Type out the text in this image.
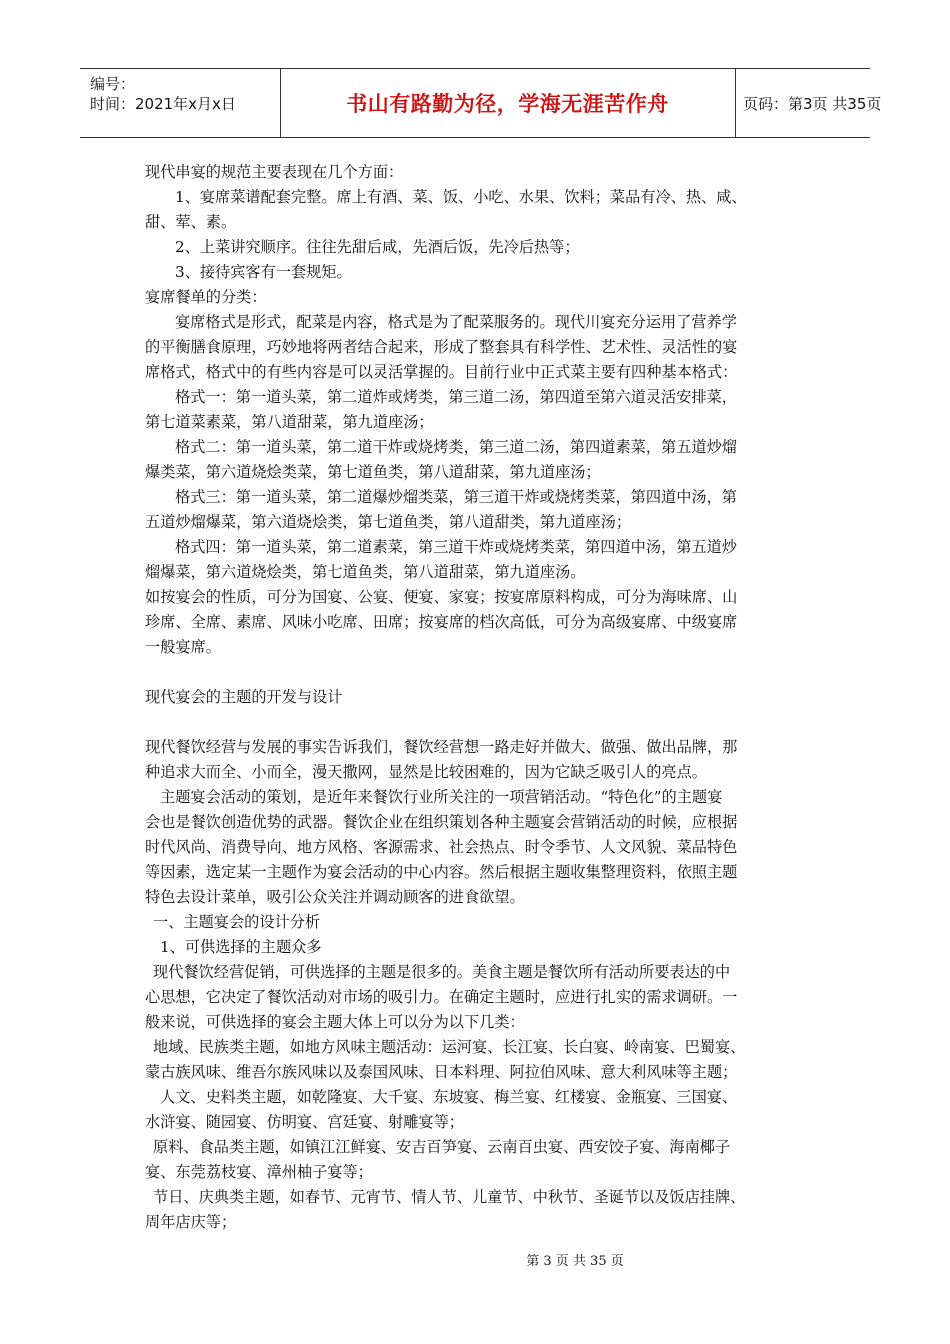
编号：
时间：2021年x月x日	书山有路勤为径，学海无涯苦作舟	页码：第3页 共35页
现代串宴的规范主要表现在几个方面：
1、宴席菜谱配套完整。席上有酒、菜、饭、小吃、水果、饮料；菜品有冷、热、咸、
甜、荤、素。
2、上菜讲究顺序。往往先甜后咸，先酒后饭，先冷后热等；
3、接待宾客有一套规矩。
宴席餐单的分类：
宴席格式是形式，配菜是内容，格式是为了配菜服务的。现代川宴充分运用了营养学
的平衡膳食原理，巧妙地将两者结合起来，形成了整套具有科学性、艺术性、灵活性的宴
席格式，格式中的有些内容是可以灵活掌握的。目前行业中正式菜主要有四种基本格式：
格式一：第一道头菜，第二道炸或烤类，第三道二汤，第四道至第六道灵活安排菜，
第七道菜素菜，第八道甜菜，第九道座汤；
格式二：第一道头菜，第二道干炸或烧烤类，第三道二汤，第四道素菜，第五道炒熘
爆类菜，第六道烧烩类菜，第七道鱼类，第八道甜菜，第九道座汤；
格式三：第一道头菜，第二道爆炒熘类菜，第三道干炸或烧烤类菜，第四道中汤，第
五道炒熘爆菜，第六道烧烩类，第七道鱼类，第八道甜类，第九道座汤；
格式四：第一道头菜，第二道素菜，第三道干炸或烧烤类菜，第四道中汤，第五道炒
熘爆菜，第六道烧烩类，第七道鱼类，第八道甜菜，第九道座汤。
如按宴会的性质，可分为国宴、公宴、便宴、家宴；按宴席原料构成，可分为海味席、山
珍席、全席、素席、风味小吃席、田席；按宴席的档次高低，可分为高级宴席、中级宴席
一般宴席。
现代宴会的主题的开发与设计
现代餐饮经营与发展的事实告诉我们，餐饮经营想一路走好并做大、做强、做出品牌，那
种追求大而全、小而全，漫天撒网，显然是比较困难的，因为它缺乏吸引人的亮点。
主题宴会活动的策划，是近年来餐饮行业所关注的一项营销活动。“特色化”的主题宴
会也是餐饮创造优势的武器。餐饮企业在组织策划各种主题宴会营销活动的时候，应根据
时代风尚、消费导向、地方风格、客源需求、社会热点、时令季节、人文风貌、菜品特色
等因素，选定某一主题作为宴会活动的中心内容。然后根据主题收集整理资料，依照主题
特色去设计菜单，吸引公众关注并调动顾客的进食欲望。
一、主题宴会的设计分析
1、可供选择的主题众多
现代餐饮经营促销，可供选择的主题是很多的。美食主题是餐饮所有活动所要表达的中
心思想，它决定了餐饮活动对市场的吸引力。在确定主题时，应进行扎实的需求调研。一
般来说，可供选择的宴会主题大体上可以分为以下几类：
地域、民族类主题，如地方风味主题活动：运河宴、长江宴、长白宴、岭南宴、巴蜀宴、
蒙古族风味、维吾尔族风味以及泰国风味、日本料理、阿拉伯风味、意大利风味等主题；
人文、史料类主题，如乾隆宴、大千宴、东坡宴、梅兰宴、红楼宴、金瓶宴、三国宴、
水浒宴、随园宴、仿明宴、宫廷宴、射雕宴等；
原料、食品类主题，如镇江江鲜宴、安吉百笋宴、云南百虫宴、西安饺子宴、海南椰子
宴、东莞荔枝宴、漳州柚子宴等；
节日、庆典类主题，如春节、元宵节、情人节、儿童节、中秋节、圣诞节以及饭店挂牌、
周年店庆等；
第 3 页 共 35 页
